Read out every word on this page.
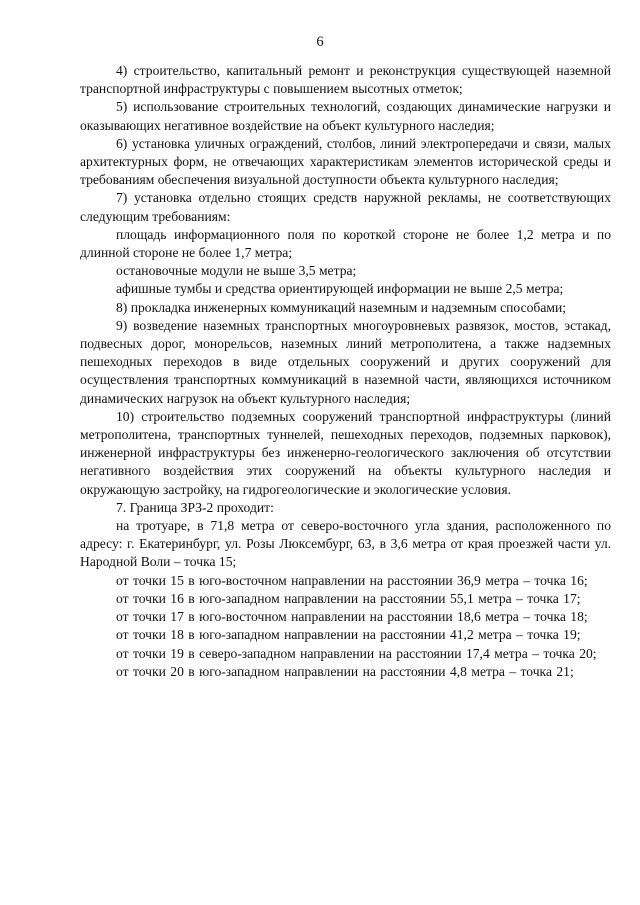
6

4) строительство, капитальный ремонт и реконструкция существующей наземной транспортной инфраструктуры с повышением высотных отметок;

5) использование строительных технологий, создающих динамические нагрузки и оказывающих негативное воздействие на объект культурного наследия;

6) установка уличных ограждений, столбов, линий электропередачи и связи, малых архитектурных форм, не отвечающих характеристикам элементов исторической среды и требованиям обеспечения визуальной доступности объекта культурного наследия;

7) установка отдельно стоящих средств наружной рекламы, не соответствующих следующим требованиям:

площадь информационного поля по короткой стороне не более 1,2 метра и по длинной стороне не более 1,7 метра;

остановочные модули не выше 3,5 метра;

афишные тумбы и средства ориентирующей информации не выше 2,5 метра;

8) прокладка инженерных коммуникаций наземным и надземным способами;

9) возведение наземных транспортных многоуровневых развязок, мостов, эстакад, подвесных дорог, монорельсов, наземных линий метрополитена, а также надземных пешеходных переходов в виде отдельных сооружений и других сооружений для осуществления транспортных коммуникаций в наземной части, являющихся источником динамических нагрузок на объект культурного наследия;

10) строительство подземных сооружений транспортной инфраструктуры (линий метрополитена, транспортных туннелей, пешеходных переходов, подземных парковок), инженерной инфраструктуры без инженерно-геологического заключения об отсутствии негативного воздействия этих сооружений на объекты культурного наследия и окружающую застройку, на гидрогеологические и экологические условия.

7. Граница ЗРЗ-2 проходит:

на тротуаре, в 71,8 метра от северо-восточного угла здания, расположенного по адресу: г. Екатеринбург, ул. Розы Люксембург, 63, в 3,6 метра от края проезжей части ул. Народной Воли – точка 15;

от точки 15 в юго-восточном направлении на расстоянии 36,9 метра – точка 16;

от точки 16 в юго-западном направлении на расстоянии 55,1 метра – точка 17;

от точки 17 в юго-восточном направлении на расстоянии 18,6 метра – точка 18;

от точки 18 в юго-западном направлении на расстоянии 41,2 метра – точка 19;

от точки 19 в северо-западном направлении на расстоянии 17,4 метра – точка 20;

от точки 20 в юго-западном направлении на расстоянии 4,8 метра – точка 21;
